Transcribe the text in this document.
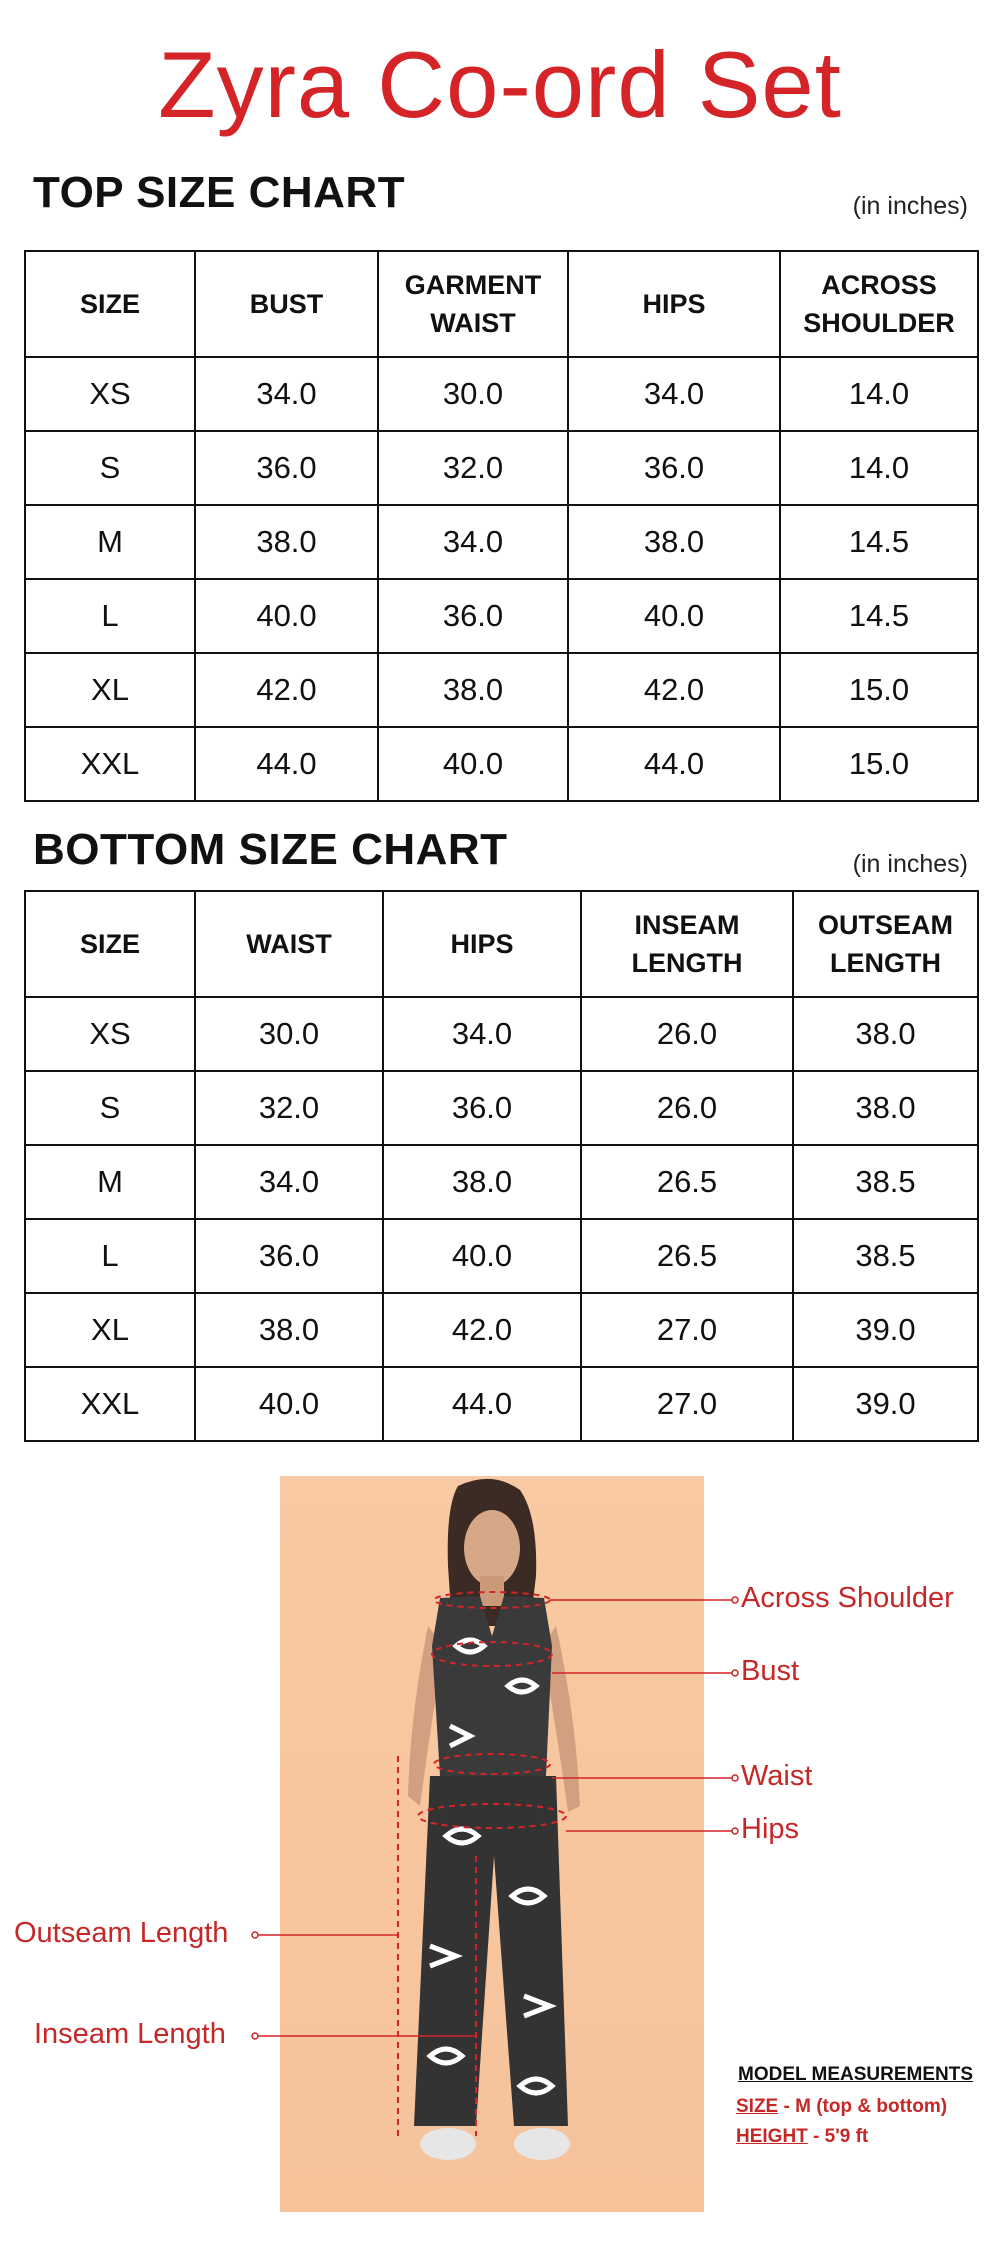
Zyra Co-ord Set
TOP SIZE CHART	(in inches)
SIZE	BUST	GARMENT WAIST	HIPS	ACROSS SHOULDER
XS	34.0	30.0	34.0	14.0
S	36.0	32.0	36.0	14.0
M	38.0	34.0	38.0	14.5
L	40.0	36.0	40.0	14.5
XL	42.0	38.0	42.0	15.0
XXL	44.0	40.0	44.0	15.0
BOTTOM SIZE CHART	(in inches)
SIZE	WAIST	HIPS	INSEAM LENGTH	OUTSEAM LENGTH
XS	30.0	34.0	26.0	38.0
S	32.0	36.0	26.0	38.0
M	34.0	38.0	26.5	38.5
L	36.0	40.0	26.5	38.5
XL	38.0	42.0	27.0	39.0
XXL	40.0	44.0	27.0	39.0
Across Shoulder
Bust
Waist
Hips
Outseam Length
Inseam Length
MODEL MEASUREMENTS
SIZE - M (top & bottom)
HEIGHT - 5'9 ft
